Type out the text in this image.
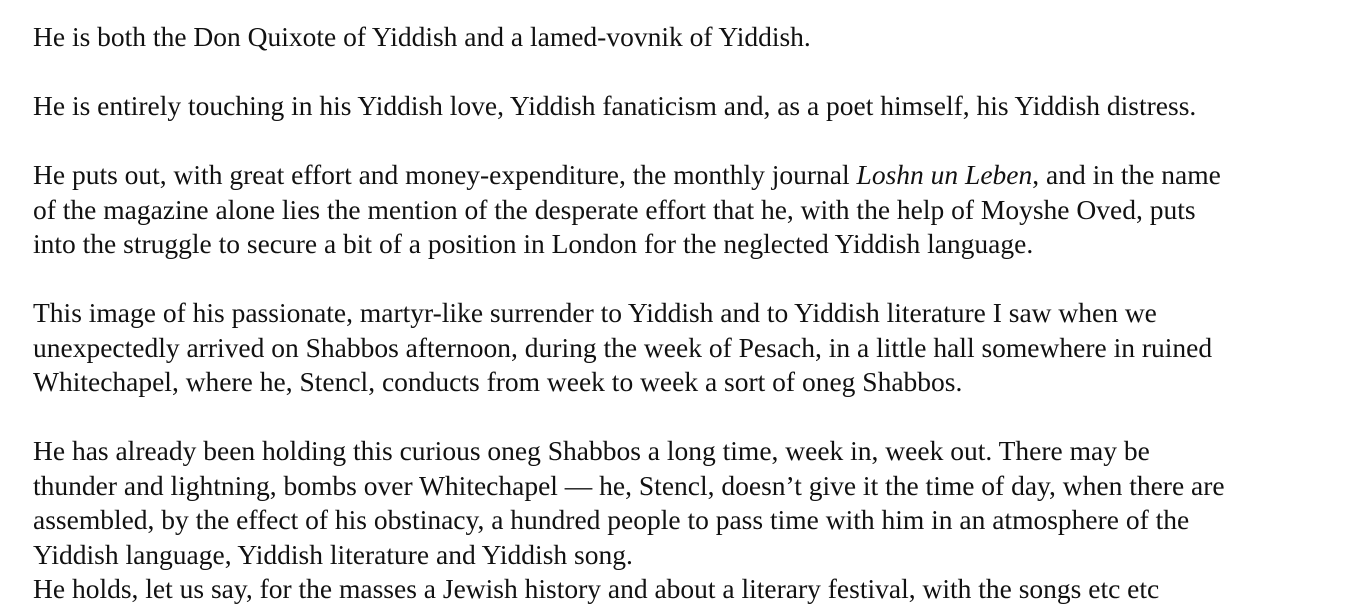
He is both the Don Quixote of Yiddish and a lamed-vovnik of Yiddish.

He is entirely touching in his Yiddish love, Yiddish fanaticism and, as a poet himself, his Yiddish distress.

He puts out, with great effort and money-expenditure, the monthly journal Loshn un Leben, and in the name
of the magazine alone lies the mention of the desperate effort that he, with the help of Moyshe Oved, puts
into the struggle to secure a bit of a position in London for the neglected Yiddish language.

This image of his passionate, martyr-like surrender to Yiddish and to Yiddish literature I saw when we
unexpectedly arrived on Shabbos afternoon, during the week of Pesach, in a little hall somewhere in ruined
Whitechapel, where he, Stencl, conducts from week to week a sort of oneg Shabbos.

He has already been holding this curious oneg Shabbos a long time, week in, week out. There may be
thunder and lightning, bombs over Whitechapel — he, Stencl, doesn’t give it the time of day, when there are
assembled, by the effect of his obstinacy, a hundred people to pass time with him in an atmosphere of the
Yiddish language, Yiddish literature and Yiddish song.
He holds, let us say, for the masses a Jewish history and about a literary festival, with the songs etc etc
